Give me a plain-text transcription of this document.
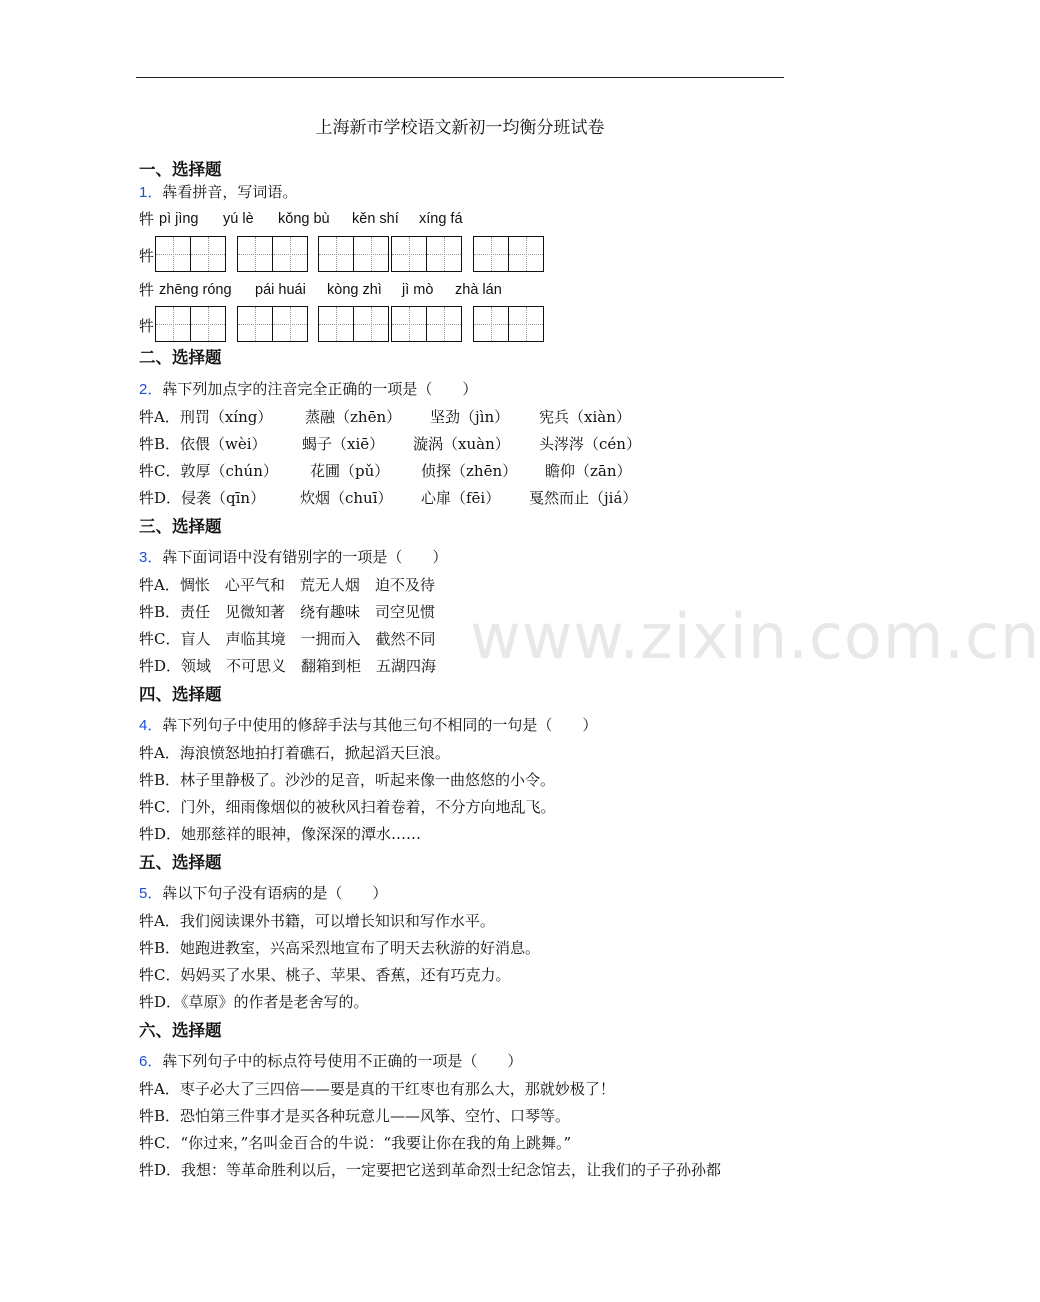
www.zixin.com.cn
上海新市学校语文新初一均衡分班试卷
一、选择题
1．犇看拼音，写词语。
牪 pì jìng yú lè kǒng bù kěn shí xíng fá
牪
牪 zhēng róng pái huái kòng zhì jì mò zhà lán
牪
二、选择题
2．犇下列加点字的注音完全正确的一项是（　　）
牪A．刑罚（xíng） 蒸融（zhēn） 坚劲（jìn） 宪兵（xiàn）
牪B．依偎（wèi） 蝎子（xiē） 漩涡（xuàn） 头涔涔（cén）
牪C．敦厚（chún） 花圃（pǔ） 侦探（zhēn） 瞻仰（zān）
牪D．侵袭（qīn） 炊烟（chuī） 心扉（fēi） 戛然而止（jiá）
三、选择题
3．犇下面词语中没有错别字的一项是（　　）
牪A．惆怅　心平气和　荒无人烟　迫不及待
牪B．责任　见微知著　绕有趣味　司空见惯
牪C．盲人　声临其境　一拥而入　截然不同
牪D．领域　不可思义　翻箱到柜　五湖四海
四、选择题
4．犇下列句子中使用的修辞手法与其他三句不相同的一句是（　　）
牪A．海浪愤怒地拍打着礁石，掀起滔天巨浪。
牪B．林子里静极了。沙沙的足音，听起来像一曲悠悠的小令。
牪C．门外，细雨像烟似的被秋风扫着卷着，不分方向地乱飞。
牪D．她那慈祥的眼神，像深深的潭水……
五、选择题
5．犇以下句子没有语病的是（　　）
牪A．我们阅读课外书籍，可以增长知识和写作水平。
牪B．她跑进教室，兴高采烈地宣布了明天去秋游的好消息。
牪C．妈妈买了水果、桃子、苹果、香蕉，还有巧克力。
牪D．《草原》的作者是老舍写的。
六、选择题
6．犇下列句子中的标点符号使用不正确的一项是（　　）
牪A．枣子必大了三四倍——要是真的干红枣也有那么大，那就妙极了！
牪B．恐怕第三件事才是买各种玩意儿——风筝、空竹、口琴等。
牪C．“你过来，”名叫金百合的牛说：“我要让你在我的角上跳舞。”
牪D．我想：等革命胜利以后，一定要把它送到革命烈士纪念馆去，让我们的子子孙孙都
